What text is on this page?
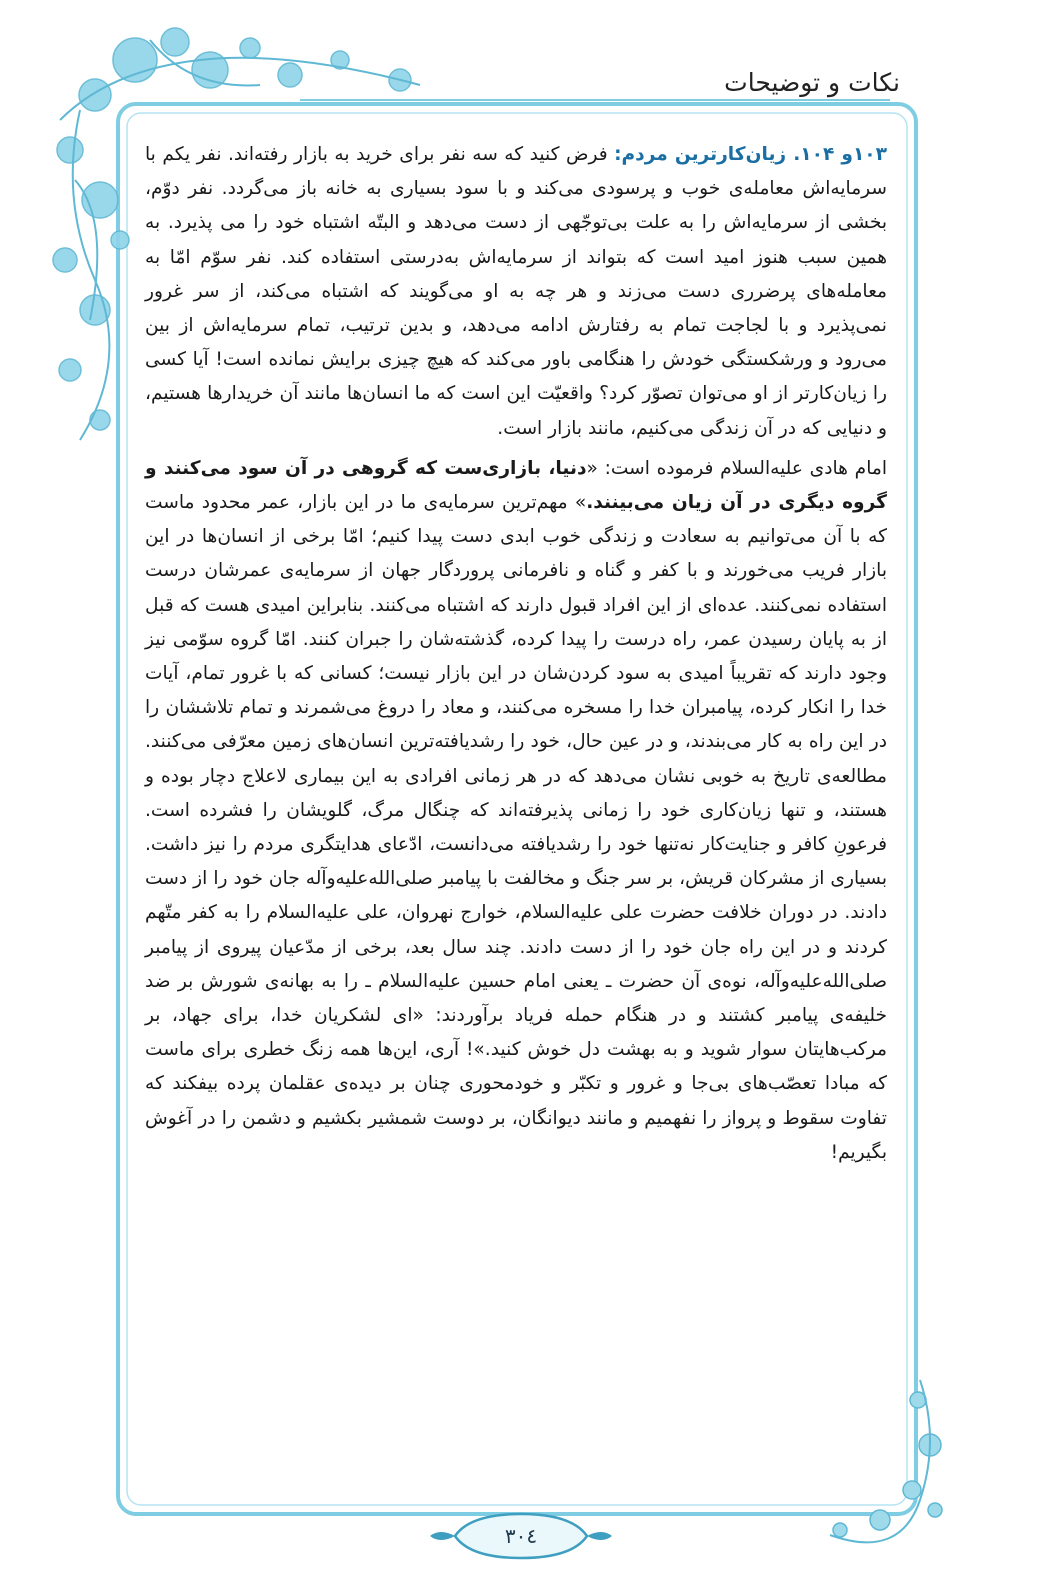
نکات و توضیحات

۱۰۳و ۱۰۴. زیان‌کارترین مردم: فرض کنید که سه نفر برای خرید به بازار رفته‌اند. نفر یکم با سرمایه‌اش معامله‌ی خوب و پرسودی می‌کند و با سود بسیاری به خانه باز می‌گردد. نفر دوّم، بخشی از سرمایه‌اش را به علت بی‌توجّهی از دست می‌دهد و البتّه اشتباه خود را می پذیرد. به همین سبب هنوز امید است که بتواند از سرمایه‌اش به‌درستی استفاده کند. نفر سوّم امّا به معامله‌های پرضرری دست می‌زند و هر چه به او می‌گویند که اشتباه می‌کند، از سر غرور نمی‌پذیرد و با لجاجت تمام به رفتارش ادامه می‌دهد، و بدین ترتیب، تمام سرمایه‌اش از بین می‌رود و ورشکستگی خودش را هنگامی باور می‌کند که هیچ چیزی برایش نمانده است! آیا کسی را زیان‌کارتر از او می‌توان تصوّر کرد؟ واقعیّت این است که ما انسان‌ها مانند آن خریدارها هستیم، و دنیایی که در آن زندگی می‌کنیم، مانند بازار است.

امام هادی عليه‌السلام فرموده است: «دنیا، بازاری‌ست که گروهی در آن سود می‌کنند و گروه دیگری در آن زیان می‌بینند.» مهم‌ترین سرمایه‌ی ما در این بازار، عمر محدود ماست که با آن می‌توانیم به سعادت و زندگی خوب ابدی دست پیدا کنیم؛ امّا برخی از انسان‌ها در این بازار فریب می‌خورند و با کفر و گناه و نافرمانی پروردگار جهان از سرمایه‌ی عمرشان درست استفاده نمی‌کنند. عده‌ای از این افراد قبول دارند که اشتباه می‌کنند. بنابراین امیدی هست که قبل از به پایان رسیدن عمر، راه درست را پیدا کرده، گذشته‌شان را جبران کنند. امّا گروه سوّمی نیز وجود دارند که تقریباً امیدی به سود کردن‌شان در این بازار نیست؛ کسانی که با غرور تمام، آیات خدا را انکار کرده، پیامبران خدا را مسخره می‌کنند، و معاد را دروغ می‌شمرند و تمام تلاششان را در این راه به کار می‌بندند، و در عین حال، خود را رشدیافته‌ترین انسان‌های زمین معرّفی می‌کنند. مطالعه‌ی تاریخ به خوبی نشان می‌دهد که در هر زمانی افرادی به این بیماری لاعلاج دچار بوده و هستند، و تنها زیان‌کاری خود را زمانی پذیرفته‌اند که چنگال مرگ، گلویشان را فشرده است. فرعونِ کافر و جنایت‌کار نه‌تنها خود را رشدیافته می‌دانست، ادّعای هدایتگری مردم را نیز داشت. بسیاری از مشرکان قریش، بر سر جنگ و مخالفت با پیامبر صلی‌الله‌علیه‌وآله جان خود را از دست دادند. در دوران خلافت حضرت علی عليه‌السلام، خوارج نهروان، علی عليه‌السلام را به کفر متّهم کردند و در این راه جان خود را از دست دادند. چند سال بعد، برخی از مدّعیان پیروی از پیامبر صلی‌الله‌علیه‌وآله، نوه‌ی آن حضرت ـ یعنی امام حسین عليه‌السلام ـ را به بهانه‌ی شورش بر ضد خلیفه‌ی پیامبر کشتند و در هنگام حمله فریاد برآوردند: «ای لشکریان خدا، برای جهاد، بر مرکب‌هایتان سوار شوید و به بهشت دل خوش کنید.»! آری، این‌ها همه زنگ خطری برای ماست که مبادا تعصّب‌های بی‌جا و غرور و تکبّر و خودمحوری چنان بر دیده‌ی عقلمان پرده بیفکند که تفاوت سقوط و پرواز را نفهمیم و مانند دیوانگان، بر دوست شمشیر بکشیم و دشمن را در آغوش بگیریم!

۳۰٤
